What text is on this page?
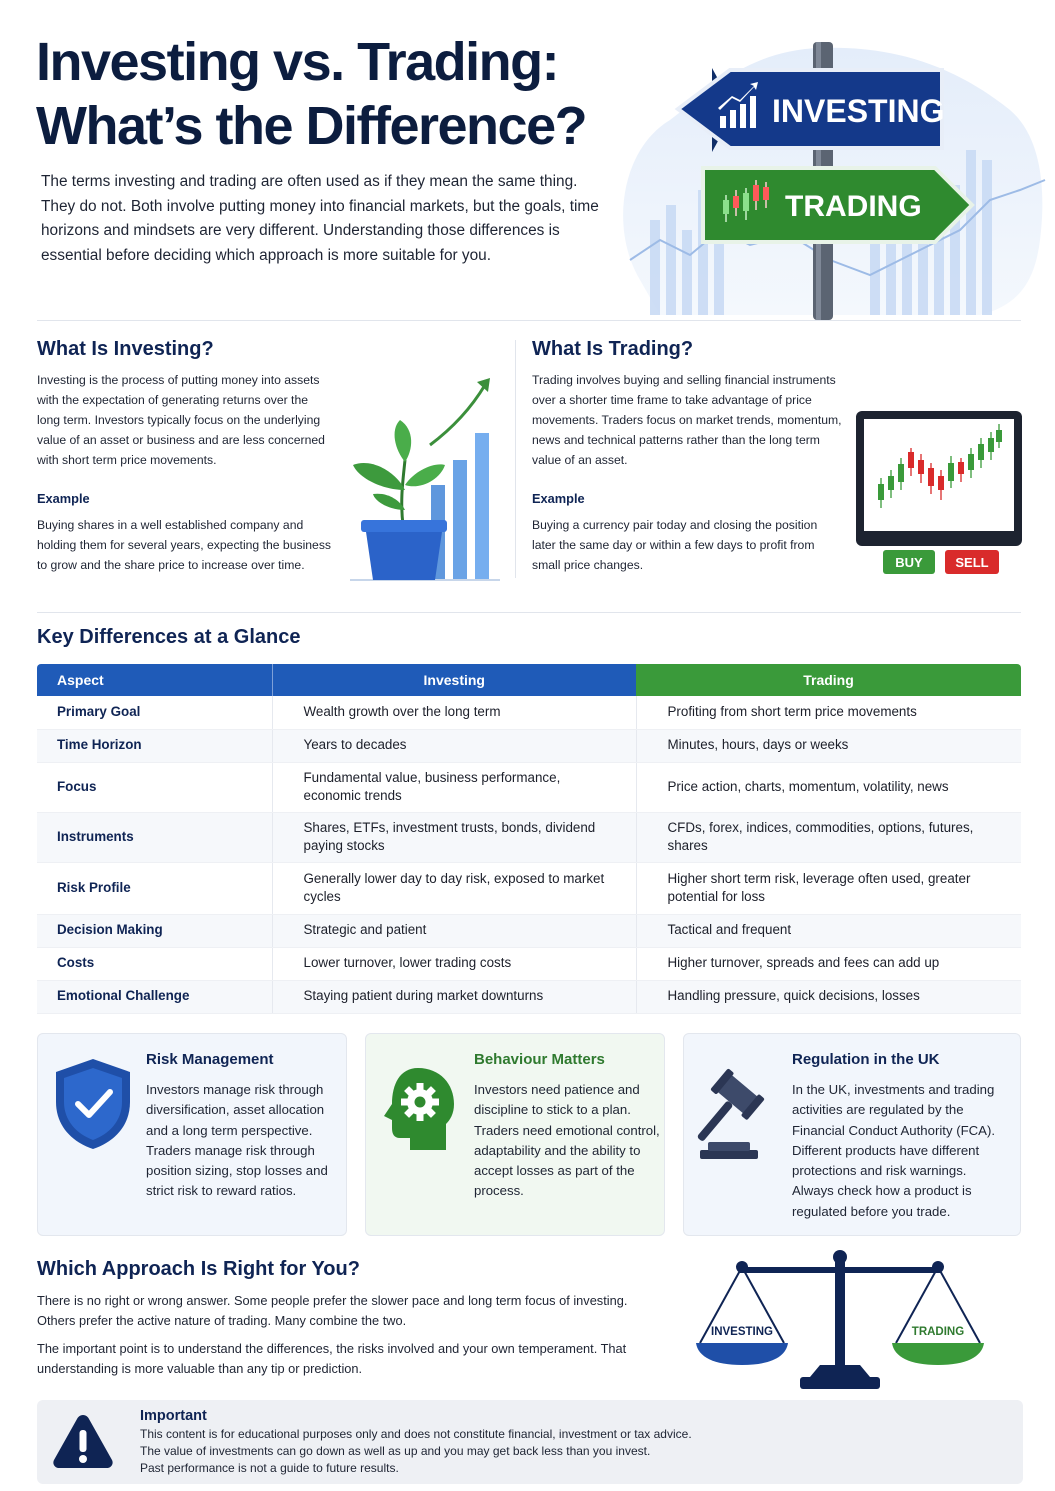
Investing vs. Trading:
What’s the Difference?

The terms investing and trading are often used as if they mean the same thing. They do not. Both involve putting money into financial markets, but the goals, time horizons and mindsets are very different. Understanding those differences is essential before deciding which approach is more suitable for you.

INVESTING
TRADING
What Is Investing?

Investing is the process of putting money into assets with the expectation of generating returns over the long term. Investors typically focus on the underlying value of an asset or business and are less concerned with short term price movements.

Example

Buying shares in a well established company and holding them for several years, expecting the business to grow and the share price to increase over time.

What Is Trading?

Trading involves buying and selling financial instruments over a shorter time frame to take advantage of price movements. Traders focus on market trends, momentum, news and technical patterns rather than the long term value of an asset.

Example

Buying a currency pair today and closing the position later the same day or within a few days to profit from small price changes.	BUY	SELL
Key Differences at a Glance
Aspect	Investing	Trading
Primary Goal	Wealth growth over the long term	Profiting from short term price movements
Time Horizon	Years to decades	Minutes, hours, days or weeks
Focus	Fundamental value, business performance, economic trends	Price action, charts, momentum, volatility, news
Instruments	Shares, ETFs, investment trusts, bonds, dividend paying stocks	CFDs, forex, indices, commodities, options, futures, shares
Risk Profile	Generally lower day to day risk, exposed to market cycles	Higher short term risk, leverage often used, greater potential for loss
Decision Making	Strategic and patient	Tactical and frequent
Costs	Lower turnover, lower trading costs	Higher turnover, spreads and fees can add up
Emotional Challenge	Staying patient during market downturns	Handling pressure, quick decisions, losses
Risk Management

Investors manage risk through diversification, asset allocation and a long term perspective. Traders manage risk through position sizing, stop losses and strict risk to reward ratios.

Behaviour Matters

Investors need patience and discipline to stick to a plan. Traders need emotional control, adaptability and the ability to accept losses as part of the process.

Regulation in the UK

In the UK, investments and trading activities are regulated by the Financial Conduct Authority (FCA). Different products have different protections and risk warnings. Always check how a product is regulated before you trade.

Which Approach Is Right for You?

There is no right or wrong answer. Some people prefer the slower pace and long term focus of investing. Others prefer the active nature of trading. Many combine the two.

The important point is to understand the differences, the risks involved and your own temperament. That understanding is more valuable than any tip or prediction.

INVESTING	TRADING
Important
This content is for educational purposes only and does not constitute financial, investment or tax advice.
The value of investments can go down as well as up and you may get back less than you invest.
Past performance is not a guide to future results.
